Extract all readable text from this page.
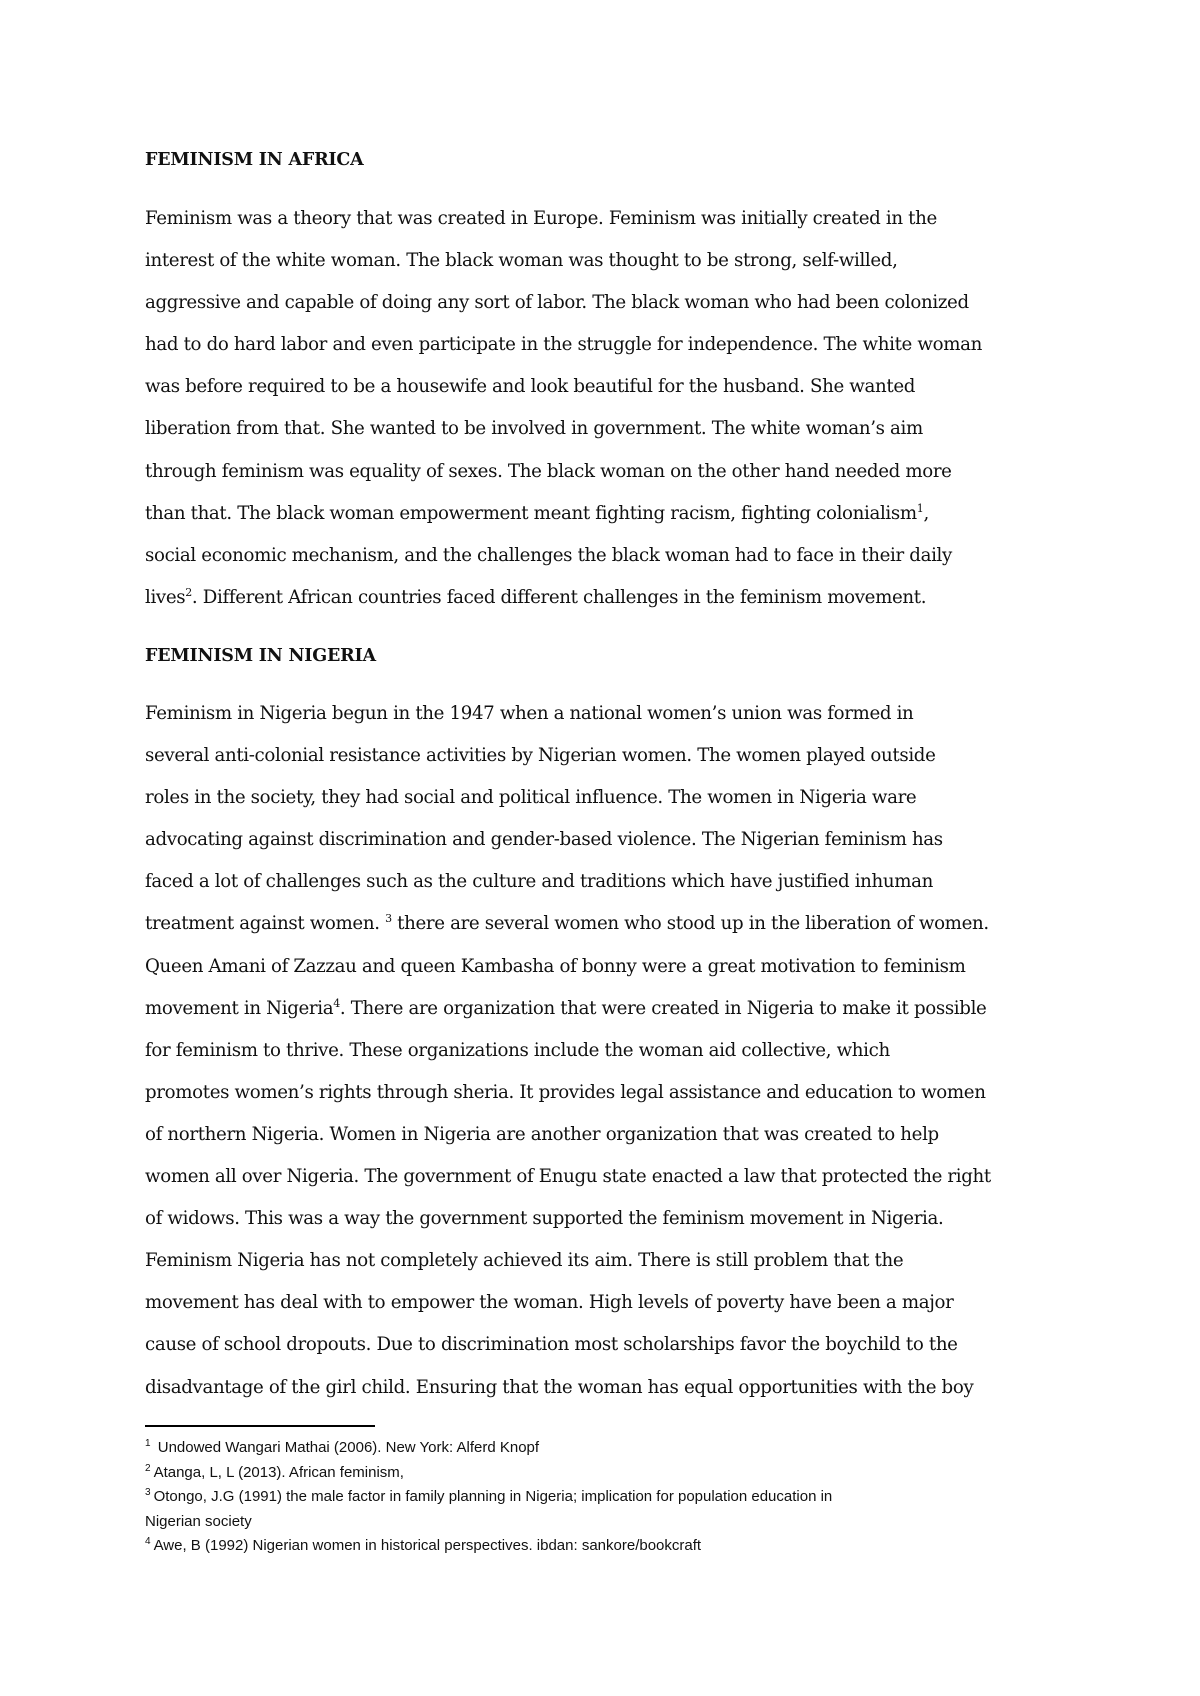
FEMINISM IN AFRICA
Feminism was a theory that was created in Europe. Feminism was initially created in the
interest of the white woman. The black woman was thought to be strong, self-willed,
aggressive and capable of doing any sort of labor. The black woman who had been colonized
had to do hard labor and even participate in the struggle for independence. The white woman
was before required to be a housewife and look beautiful for the husband. She wanted
liberation from that. She wanted to be involved in government. The white woman’s aim
through feminism was equality of sexes. The black woman on the other hand needed more
than that. The black woman empowerment meant fighting racism, fighting colonialism$^1$,
social economic mechanism, and the challenges the black woman had to face in their daily
lives$^2$. Different African countries faced different challenges in the feminism movement.
FEMINISM IN NIGERIA
Feminism in Nigeria begun in the 1947 when a national women’s union was formed in
several anti-colonial resistance activities by Nigerian women. The women played outside
roles in the society, they had social and political influence. The women in Nigeria ware
advocating against discrimination and gender-based violence. The Nigerian feminism has
faced a lot of challenges such as the culture and traditions which have justified inhuman
treatment against women. $^3$ there are several women who stood up in the liberation of women.
Queen Amani of Zazzau and queen Kambasha of bonny were a great motivation to feminism
movement in Nigeria$^4$. There are organization that were created in Nigeria to make it possible
for feminism to thrive. These organizations include the woman aid collective, which
promotes women’s rights through sheria. It provides legal assistance and education to women
of northern Nigeria. Women in Nigeria are another organization that was created to help
women all over Nigeria. The government of Enugu state enacted a law that protected the right
of widows. This was a way the government supported the feminism movement in Nigeria.
Feminism Nigeria has not completely achieved its aim. There is still problem that the
movement has deal with to empower the woman. High levels of poverty have been a major
cause of school dropouts. Due to discrimination most scholarships favor the boychild to the
disadvantage of the girl child. Ensuring that the woman has equal opportunities with the boy
$^1$ Undowed Wangari Mathai (2006). New York: Alferd Knopf
$^2$ Atanga, L, L (2013). African feminism,
$^3$ Otongo, J.G (1991) the male factor in family planning in Nigeria; implication for population education in
Nigerian society
$^4$ Awe, B (1992) Nigerian women in historical perspectives. ibdan: sankore/bookcraft
